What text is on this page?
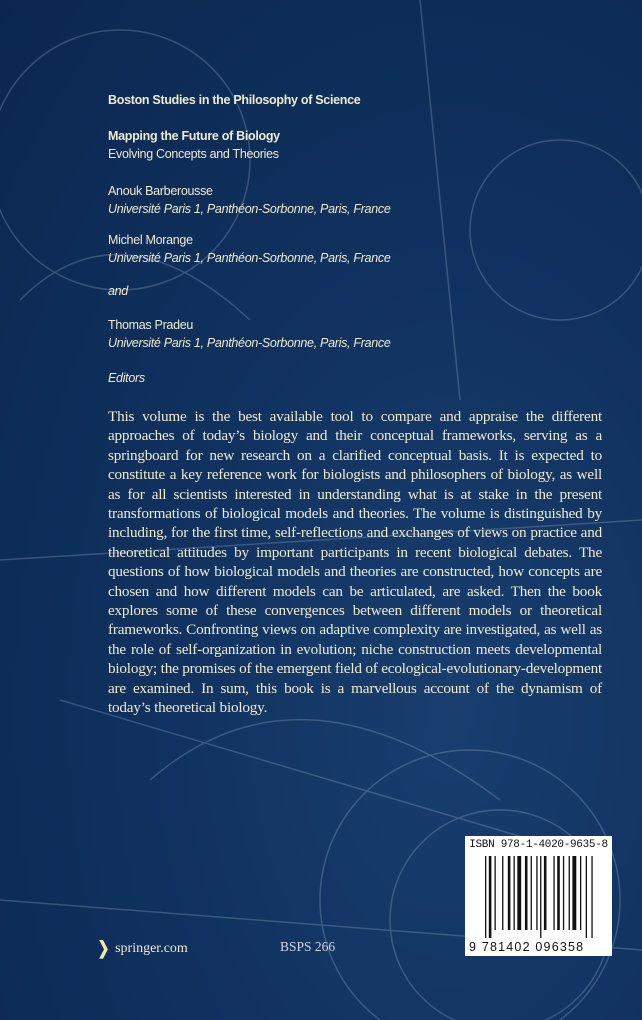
Boston Studies in the Philosophy of Science
Mapping the Future of Biology
Evolving Concepts and Theories
Anouk Barberousse
Université Paris 1, Panthéon-Sorbonne, Paris, France
Michel Morange
Université Paris 1, Panthéon-Sorbonne, Paris, France
and
Thomas Pradeu
Université Paris 1, Panthéon-Sorbonne, Paris, France
Editors
This volume is the best available tool to compare and appraise the different approaches of today’s biology and their conceptual frameworks, serving as a springboard for new research on a clarified conceptual basis. It is expected to constitute a key reference work for biologists and philosophers of biology, as well as for all scientists interested in understanding what is at stake in the present transformations of biological models and theories. The volume is distinguished by including, for the first time, self-reflections and exchanges of views on practice and theoretical attitudes by important participants in recent biological debates. The questions of how biological models and theories are constructed, how concepts are chosen and how different models can be articulated, are asked. Then the book explores some of these convergences between different models or theoretical frameworks. Confronting views on adaptive complexity are investigated, as well as the role of self-organization in evolution; niche construction meets developmental biology; the promises of the emergent field of ecological-evolutionary-development are examined. In sum, this book is a marvellous account of the dynamism of today’s theoretical biology.
❯ springer.com	BSPS 266
ISBN 978-1-4020-9635-8
9 781402 096358
